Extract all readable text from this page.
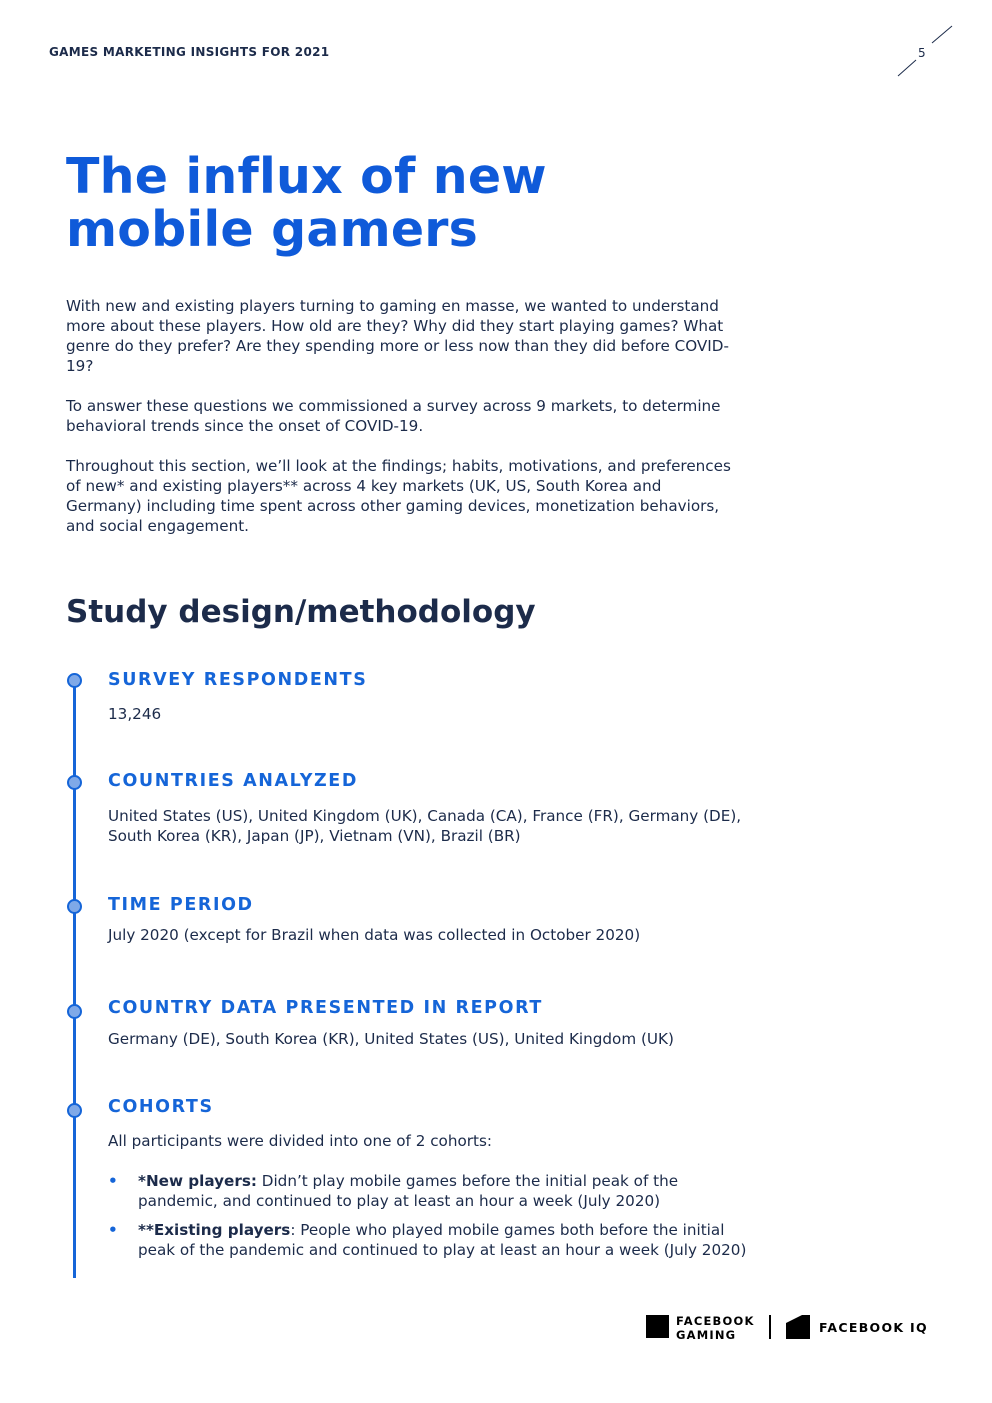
GAMES MARKETING INSIGHTS FOR 2021	5
The influx of new
mobile gamers

With new and existing players turning to gaming en masse, we wanted to understand more about these players. How old are they? Why did they start playing games? What genre do they prefer? Are they spending more or less now than they did before COVID-19?

To answer these questions we commissioned a survey across 9 markets, to determine behavioral trends since the onset of COVID-19.

Throughout this section, we’ll look at the findings; habits, motivations, and preferences of new* and existing players** across 4 key markets (UK, US, South Korea and Germany) including time spent across other gaming devices, monetization behaviors, and social engagement.

Study design/methodology
SURVEY RESPONDENTS

13,246

COUNTRIES ANALYZED

United States (US), United Kingdom (UK), Canada (CA), France (FR), Germany (DE), South Korea (KR), Japan (JP), Vietnam (VN), Brazil (BR)

TIME PERIOD

July 2020 (except for Brazil when data was collected in October 2020)

COUNTRY DATA PRESENTED IN REPORT

Germany (DE), South Korea (KR), United States (US), United Kingdom (UK)

COHORTS

All participants were divided into one of 2 cohorts:

• *New players: Didn’t play mobile games before the initial peak of the pandemic, and continued to play at least an hour a week (July 2020)
• **Existing players: People who played mobile games both before the initial peak of the pandemic and continued to play at least an hour a week (July 2020)
FACEBOOK
GAMING	FACEBOOK IQ
